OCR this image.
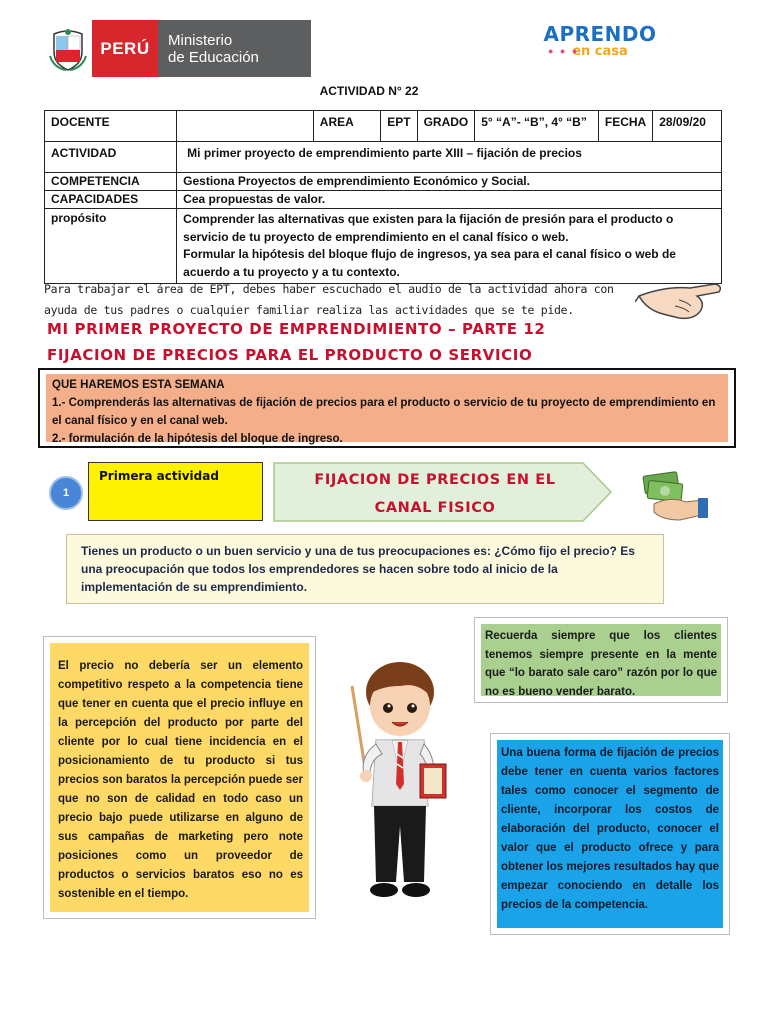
PERÚ	Ministerio
de Educación
APRENDO
● ● ●
en casa
ACTIVIDAD N° 22
DOCENTE		AREA	EPT	GRADO	5° “A”- “B”, 4° “B”	FECHA	28/09/20
ACTIVIDAD	Mi primer proyecto de emprendimiento parte XIII – fijación de precios						
COMPETENCIA	Gestiona Proyectos de emprendimiento Económico y Social.						
CAPACIDADES	Cea propuestas de valor.						
propósito	Comprender las alternativas que existen para la fijación de presión para el producto o servicio de tu proyecto de emprendimiento en el canal físico o web.
Formular la hipótesis del bloque flujo de ingresos, ya sea para el canal físico o web de acuerdo a tu proyecto y a tu contexto.						
Para trabajar el área de EPT, debes haber escuchado el audio de la actividad ahora con
ayuda de tus padres o cualquier familiar realiza las actividades que se te pide.
MI PRIMER PROYECTO DE EMPRENDIMIENTO – PARTE 12
FIJACION DE PRECIOS PARA EL PRODUCTO O SERVICIO
QUE HAREMOS ESTA SEMANA
1.- Comprenderás las alternativas de fijación de precios para el producto o servicio de tu proyecto de emprendimiento en el canal físico y en el canal web.
2.- formulación de la hipótesis del bloque de ingreso.
1
Primera actividad	FIJACION DE PRECIOS EN EL
CANAL FISICO
Tienes un producto o un buen servicio y una de tus preocupaciones es: ¿Cómo fijo el precio? Es una preocupación que todos los emprendedores se hacen sobre todo al inicio de la implementación de su emprendimiento.
El precio no debería ser un elemento competitivo respeto a la competencia tiene que tener en cuenta que el precio influye en la percepción del producto por parte del cliente por lo cual tiene incidencia en el posicionamiento de tu producto si tus precios son baratos la percepción puede ser que no son de calidad en todo caso un precio bajo puede utilizarse en alguno de sus campañas de marketing pero note posiciones como un proveedor de productos o servicios baratos eso no es sostenible en el tiempo.
Recuerda siempre que los clientes tenemos siempre presente en la mente que “lo barato sale caro” razón por lo que no es bueno vender barato.
Una buena forma de fijación de precios debe tener en cuenta varios factores tales como conocer el segmento de cliente, incorporar los costos de elaboración del producto, conocer el valor que el producto ofrece y para obtener los mejores resultados hay que empezar conociendo en detalle los precios de la competencia.
